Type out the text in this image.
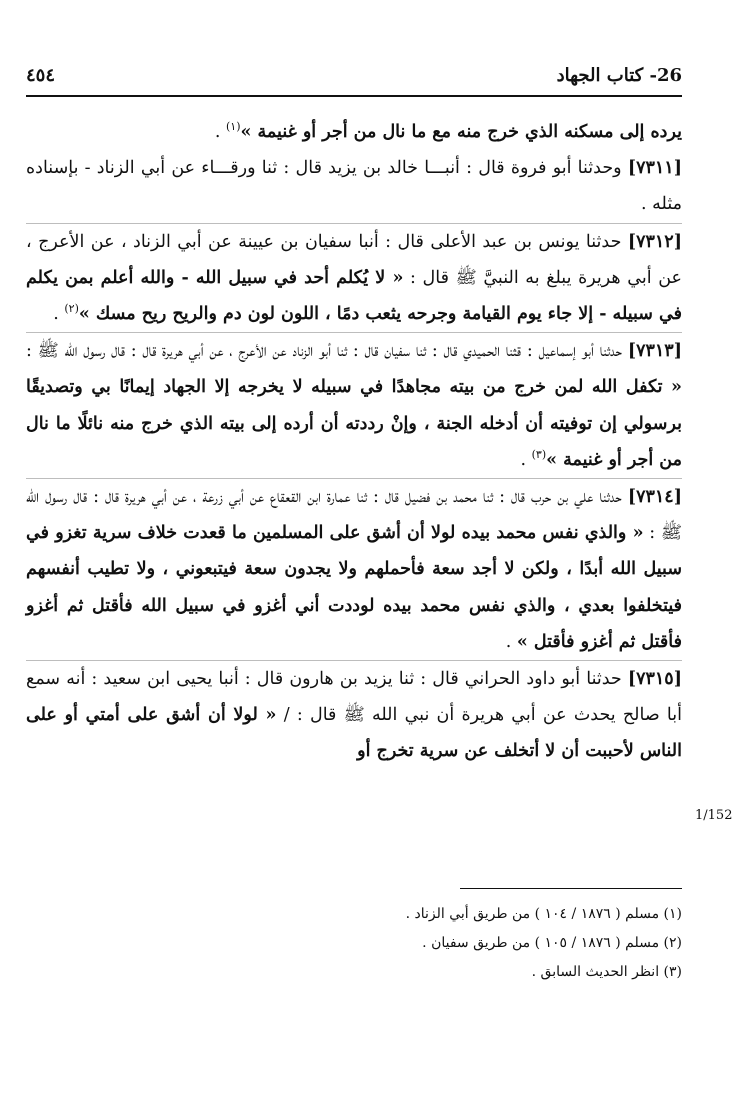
26- كتاب الجهاد
٤٥٤

يرده إلى مسكنه الذي خرج منه مع ما نال من أجر أو غنيمة »$^{(١)}$ .

[٧٣١١] وحدثنا أبو فروة قال : أنبـــا خالد بن يزيد قال : ثنا ورقـــاء عن أبي الزناد - بإسناده مثله .

[٧٣١٢] حدثنا يونس بن عبد الأعلى قال : أنبا سفيان بن عيينة عن أبي الزناد ، عن الأعرج ، عن أبي هريرة يبلغ به النبيَّ ﷺ قال : « لا يُكلم أحد في سبيل الله - والله أعلم بمن يكلم في سبيله - إلا جاء يوم القيامة وجرحه يثعب دمًا ، اللون لون دم والريح ريح مسك »$^{(٢)}$ .

[٧٣١٣] حدثنا أبو إسماعيل : قثنا الحميدي قال : ثنا سفيان قال : ثنا أبو الزناد عن الأعرج ، عن أبي هريرة قال : قال رسول الله ﷺ : « تكفل الله لمن خرج من بيته مجاهدًا في سبيله لا يخرجه إلا الجهاد إيمانًا بي وتصديقًا برسولي إن توفيته أن أدخله الجنة ، وإنْ رددته أن أرده إلى بيته الذي خرج منه نائلًا ما نال من أجر أو غنيمة »$^{(٣)}$ .

[٧٣١٤] حدثنا علي بن حرب قال : ثنا محمد بن فضيل قال : ثنا عمارة ابن القعقاع عن أبي زرعة ، عن أبي هريرة قال : قال رسول الله ﷺ : « والذي نفس محمد بيده لولا أن أشق على المسلمين ما قعدت خلاف سرية تغزو في سبيل الله أبدًا ، ولكن لا أجد سعة فأحملهم ولا يجدون سعة فيتبعوني ، ولا تطيب أنفسهم فيتخلفوا بعدي ، والذي نفس محمد بيده لوددت أني أغزو في سبيل الله فأقتل ثم أغزو فأقتل ثم أغزو فأقتل » .

[٧٣١٥] حدثنا أبو داود الحراني قال : ثنا يزيد بن هارون قال : أنبا يحيى ابن سعيد : أنه سمع أبا صالح يحدث عن أبي هريرة أن نبي الله ﷺ قال : / « لولا أن أشق على أمتي أو على الناس لأحببت أن لا أتخلف عن سرية تخرج أو

1/152

(١) مسلم ( ١٨٧٦ / ١٠٤ ) من طريق أبي الزناد .

(٢) مسلم ( ١٨٧٦ / ١٠٥ ) من طريق سفيان .

(٣) انظر الحديث السابق .
